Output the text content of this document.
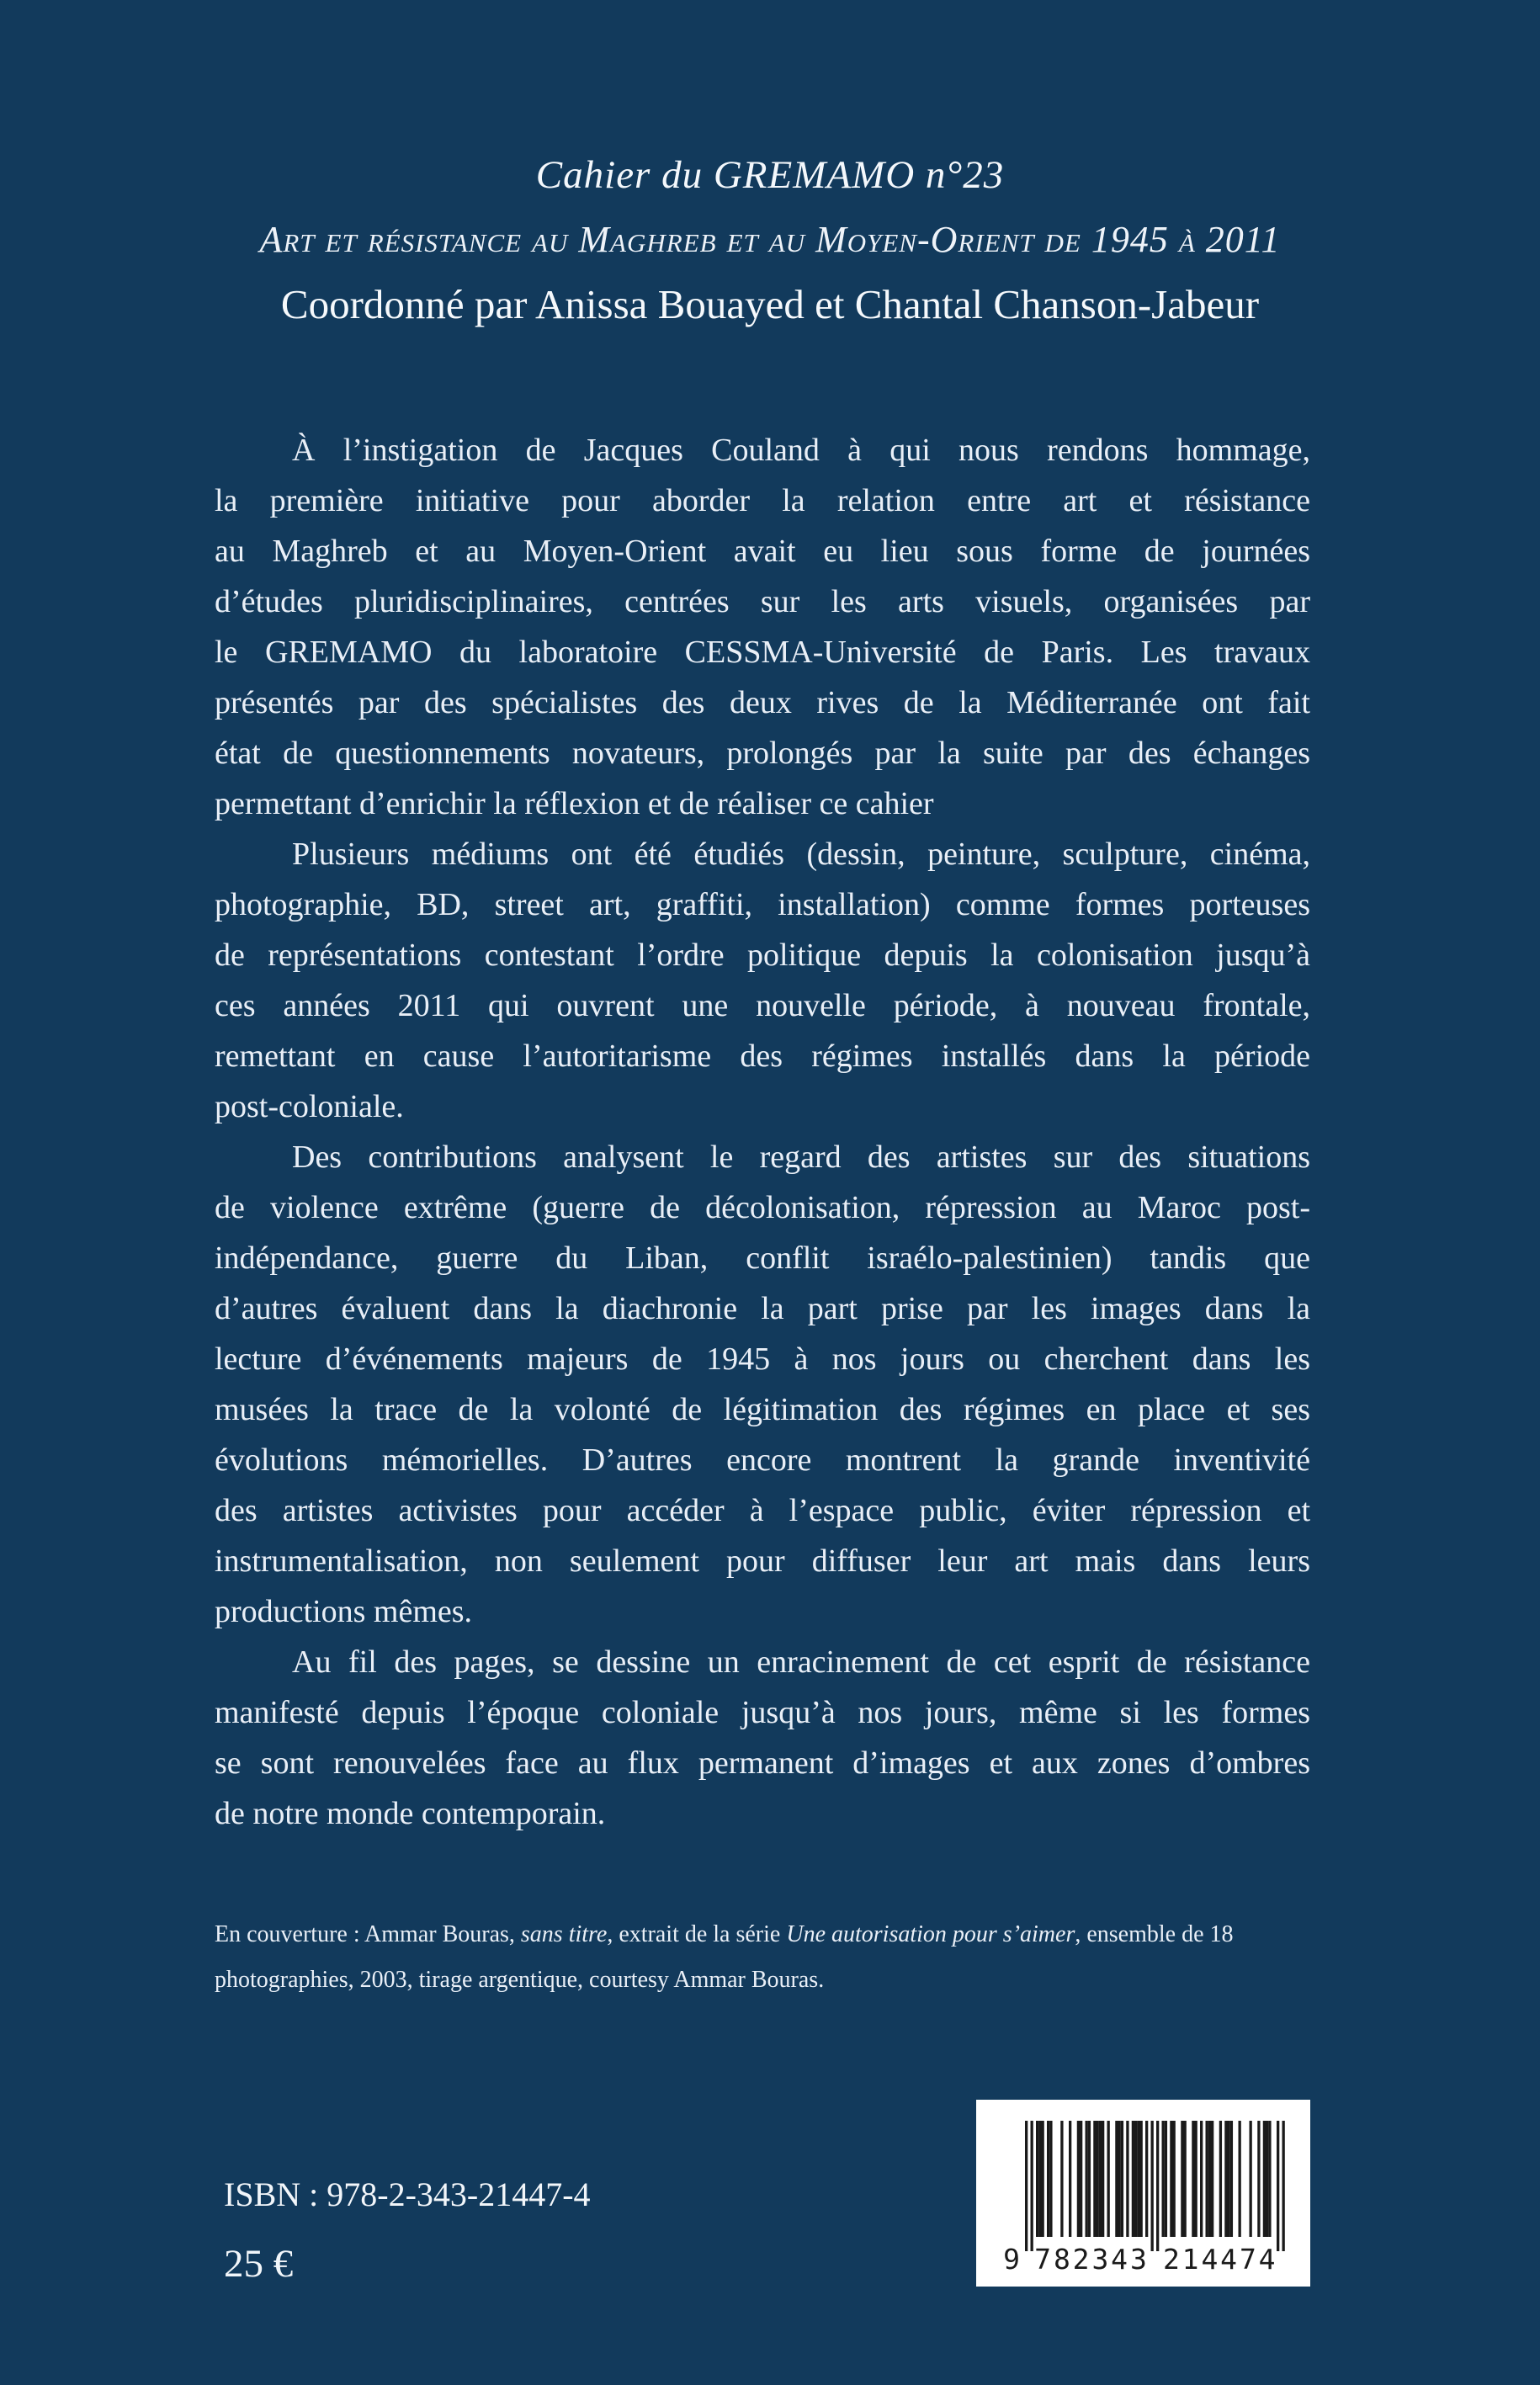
Cahier du GREMAMO n°23
Art et résistance au Maghreb et au Moyen-Orient de 1945 à 2011
Coordonné par Anissa Bouayed et Chantal Chanson-Jabeur
À l’instigation de Jacques Couland à qui nous rendons hommage,
la première initiative pour aborder la relation entre art et résistance
au Maghreb et au Moyen-Orient avait eu lieu sous forme de journées
d’études pluridisciplinaires, centrées sur les arts visuels, organisées par
le GREMAMO du laboratoire CESSMA-Université de Paris. Les travaux
présentés par des spécialistes des deux rives de la Méditerranée ont fait
état de questionnements novateurs, prolongés par la suite par des échanges
permettant d’enrichir la réflexion et de réaliser ce cahier
Plusieurs médiums ont été étudiés (dessin, peinture, sculpture, cinéma,
photographie, BD, street art, graffiti, installation) comme formes porteuses
de représentations contestant l’ordre politique depuis la colonisation jusqu’à
ces années 2011 qui ouvrent une nouvelle période, à nouveau frontale,
remettant en cause l’autoritarisme des régimes installés dans la période
post-coloniale.
Des contributions analysent le regard des artistes sur des situations
de violence extrême (guerre de décolonisation, répression au Maroc post-
indépendance, guerre du Liban, conflit israélo-palestinien) tandis que
d’autres évaluent dans la diachronie la part prise par les images dans la
lecture d’événements majeurs de 1945 à nos jours ou cherchent dans les
musées la trace de la volonté de légitimation des régimes en place et ses
évolutions mémorielles. D’autres encore montrent la grande inventivité
des artistes activistes pour accéder à l’espace public, éviter répression et
instrumentalisation, non seulement pour diffuser leur art mais dans leurs
productions mêmes.
Au fil des pages, se dessine un enracinement de cet esprit de résistance
manifesté depuis l’époque coloniale jusqu’à nos jours, même si les formes
se sont renouvelées face au flux permanent d’images et aux zones d’ombres
de notre monde contemporain.
En couverture : Ammar Bouras, sans titre, extrait de la série Une autorisation pour s’aimer, ensemble de 18
photographies, 2003, tirage argentique, courtesy Ammar Bouras.
ISBN : 978-2-343-21447-4
25 €	9 7 8 2 3 4 3 2 1 4 4 7 4
